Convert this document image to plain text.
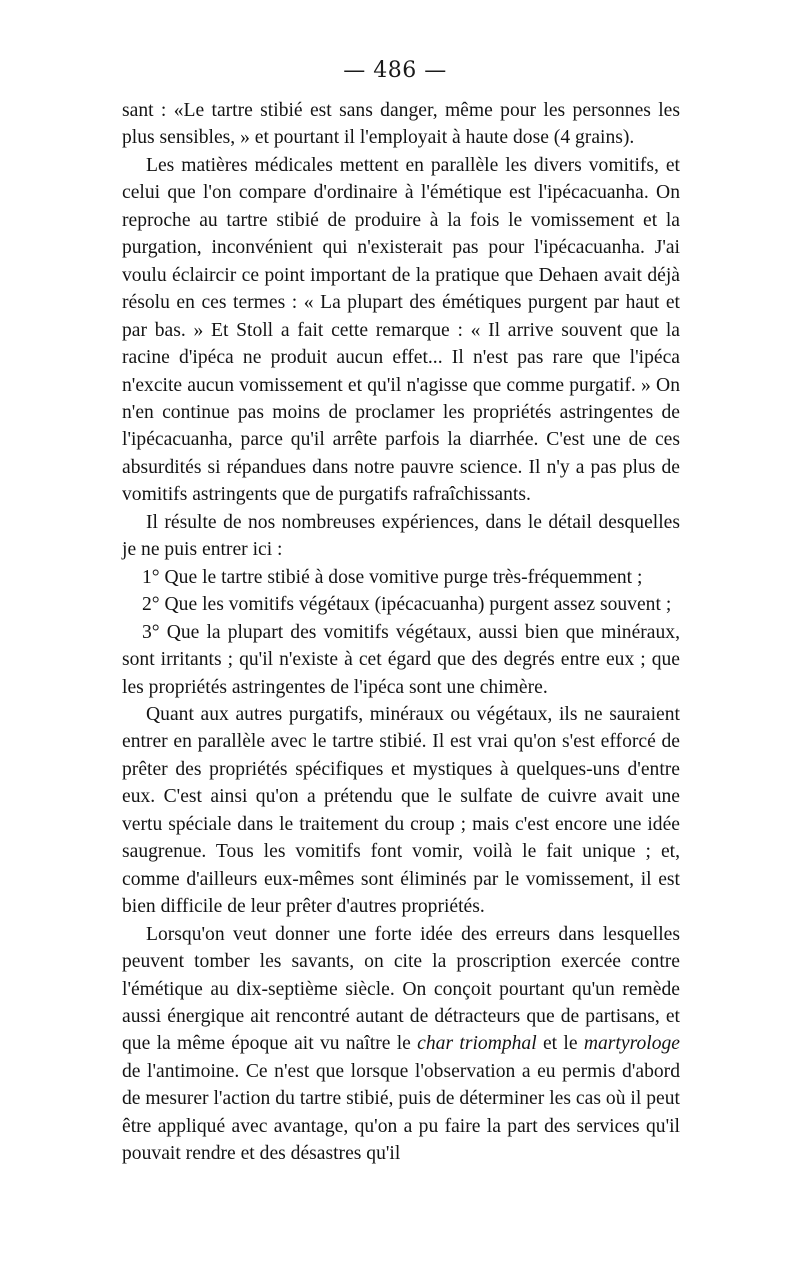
— 486 —

sant : «Le tartre stibié est sans danger, même pour les personnes les plus sensibles, » et pourtant il l'employait à haute dose (4 grains).

Les matières médicales mettent en parallèle les divers vomitifs, et celui que l'on compare d'ordinaire à l'émétique est l'ipécacuanha. On reproche au tartre stibié de produire à la fois le vomissement et la purgation, inconvénient qui n'existerait pas pour l'ipécacuanha. J'ai voulu éclaircir ce point important de la pratique que Dehaen avait déjà résolu en ces termes : « La plupart des émétiques purgent par haut et par bas. » Et Stoll a fait cette remarque : « Il arrive souvent que la racine d'ipéca ne produit aucun effet... Il n'est pas rare que l'ipéca n'excite aucun vomissement et qu'il n'agisse que comme purgatif. » On n'en continue pas moins de proclamer les propriétés astringentes de l'ipécacuanha, parce qu'il arrête parfois la diarrhée. C'est une de ces absurdités si répandues dans notre pauvre science. Il n'y a pas plus de vomitifs astringents que de purgatifs rafraîchissants.

Il résulte de nos nombreuses expériences, dans le détail desquelles je ne puis entrer ici :

1° Que le tartre stibié à dose vomitive purge très-fréquemment ;

2° Que les vomitifs végétaux (ipécacuanha) purgent assez souvent ;

3° Que la plupart des vomitifs végétaux, aussi bien que minéraux, sont irritants ; qu'il n'existe à cet égard que des degrés entre eux ; que les propriétés astringentes de l'ipéca sont une chimère.

Quant aux autres purgatifs, minéraux ou végétaux, ils ne sauraient entrer en parallèle avec le tartre stibié. Il est vrai qu'on s'est efforcé de prêter des propriétés spécifiques et mystiques à quelques-uns d'entre eux. C'est ainsi qu'on a prétendu que le sulfate de cuivre avait une vertu spéciale dans le traitement du croup ; mais c'est encore une idée saugrenue. Tous les vomitifs font vomir, voilà le fait unique ; et, comme d'ailleurs eux-mêmes sont éliminés par le vomissement, il est bien difficile de leur prêter d'autres propriétés.

Lorsqu'on veut donner une forte idée des erreurs dans lesquelles peuvent tomber les savants, on cite la proscription exercée contre l'émétique au dix-septième siècle. On conçoit pourtant qu'un remède aussi énergique ait rencontré autant de détracteurs que de partisans, et que la même époque ait vu naître le char triomphal et le martyrologe de l'antimoine. Ce n'est que lorsque l'observation a eu permis d'abord de mesurer l'action du tartre stibié, puis de déterminer les cas où il peut être appliqué avec avantage, qu'on a pu faire la part des services qu'il pouvait rendre et des désastres qu'il
